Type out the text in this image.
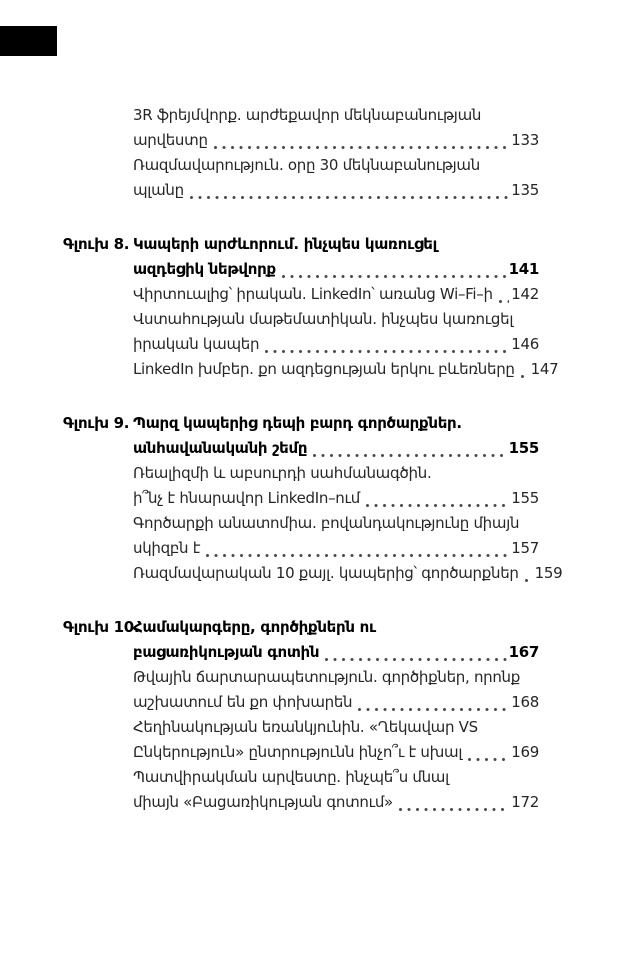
3R ֆրեյմվորք. արժեքավոր մեկնաբանության
արվեստը	133
Ռազմավարություն. օրը 30 մեկնաբանության
պլանը	135
Գլուխ 8. Կապերի արժևորում. ինչպես կառուցել
ազդեցիկ նեթվորք	141
Վիրտուալից՝ իրական. LinkedIn՝ առանց Wi–Fi–ի 142
Վստահության մաթեմատիկան. ինչպես կառուցել
իրական կապեր	146
LinkedIn խմբեր. քո ազդեցության երկու բևեռները 147
Գլուխ 9. Պարզ կապերից դեպի բարդ գործարքներ.
անհավանականի շեմը	155
Ռեալիզմի և աբսուրդի սահմանագծին.
ի՞նչ է հնարավոր LinkedIn–ում	155
Գործարքի անատոմիա. բովանդակությունը միայն
սկիզբն է	157
Ռազմավարական 10 քայլ. կապերից՝ գործարքներ 159
Գլուխ 10.
Համակարգերը, գործիքներն ու
բացառիկության գոտին	167
Թվային ճարտարապետություն. գործիքներ, որոնք
աշխատում են քո փոխարեն	168
Հեղինակության եռանկյունին. «Ղեկավար VS
Ընկերություն» ընտրությունն ինչո՞ւ է սխալ	169
Պատվիրակման արվեստը. ինչպե՞ս մնալ
միայն «Բացառիկության գոտում»	172
